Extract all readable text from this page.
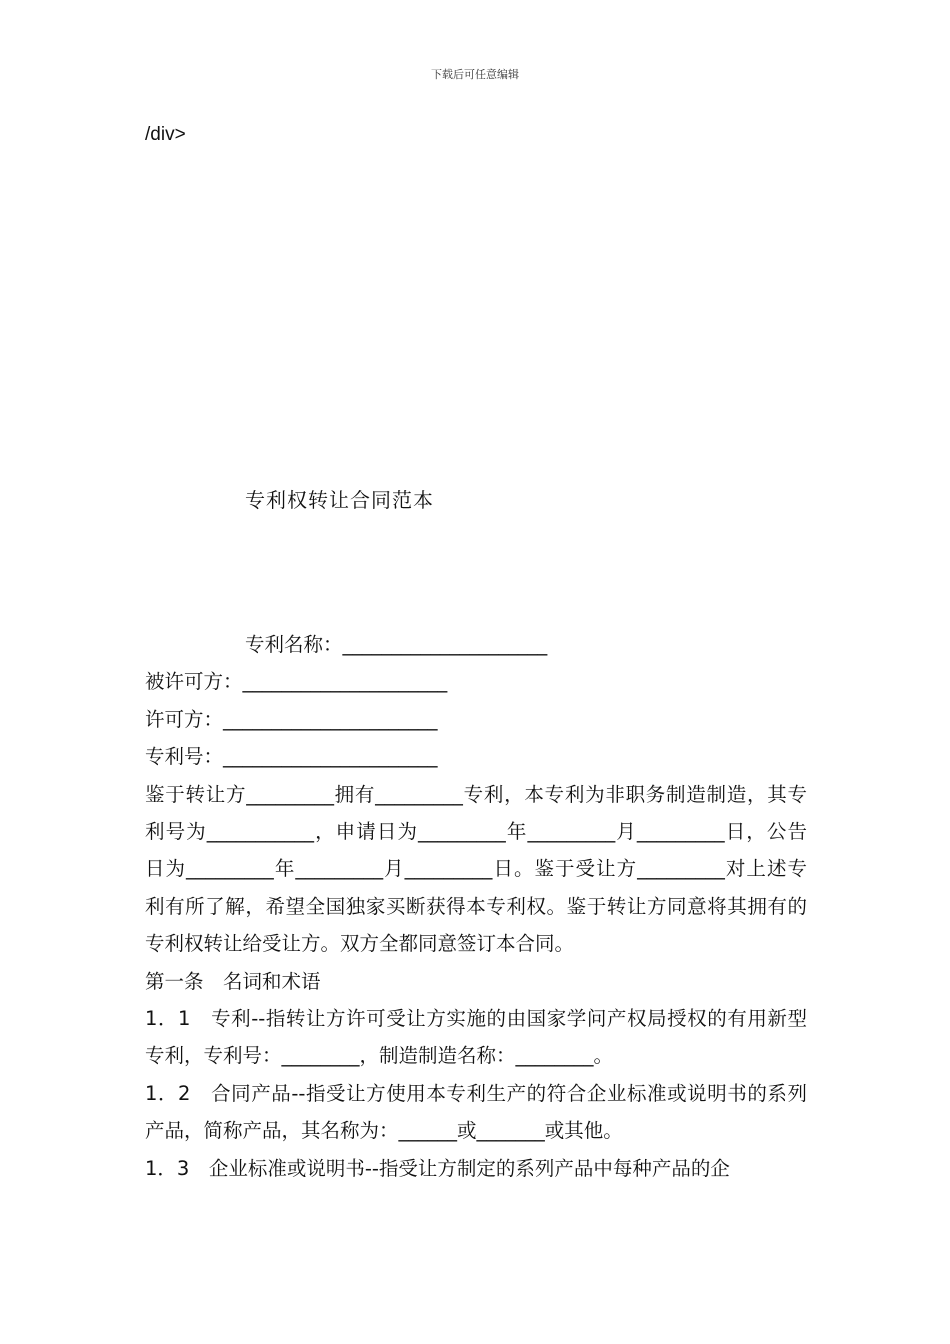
下载后可任意编辑
/div>
专利权转让合同范本
专利名称：_____________________
被许可方：_____________________
许可方：______________________
专利号：______________________
鉴于转让方_________拥有_________专利，本专利为非职务制造制造，其专利号为___________，申请日为_________年_________月_________日，公告日为_________年_________月_________日。鉴于受让方_________对上述专利有所了解，希望全国独家买断获得本专利权。鉴于转让方同意将其拥有的专利权转让给受让方。双方全都同意签订本合同。
第一条　名词和术语
1．1　专利--指转让方许可受让方实施的由国家学问产权局授权的有用新型专利，专利号：________，制造制造名称：________。
1．2　合同产品--指受让方使用本专利生产的符合企业标准或说明书的系列产品，简称产品，其名称为：______或_______或其他。
1．3　企业标准或说明书--指受让方制定的系列产品中每种产品的企
